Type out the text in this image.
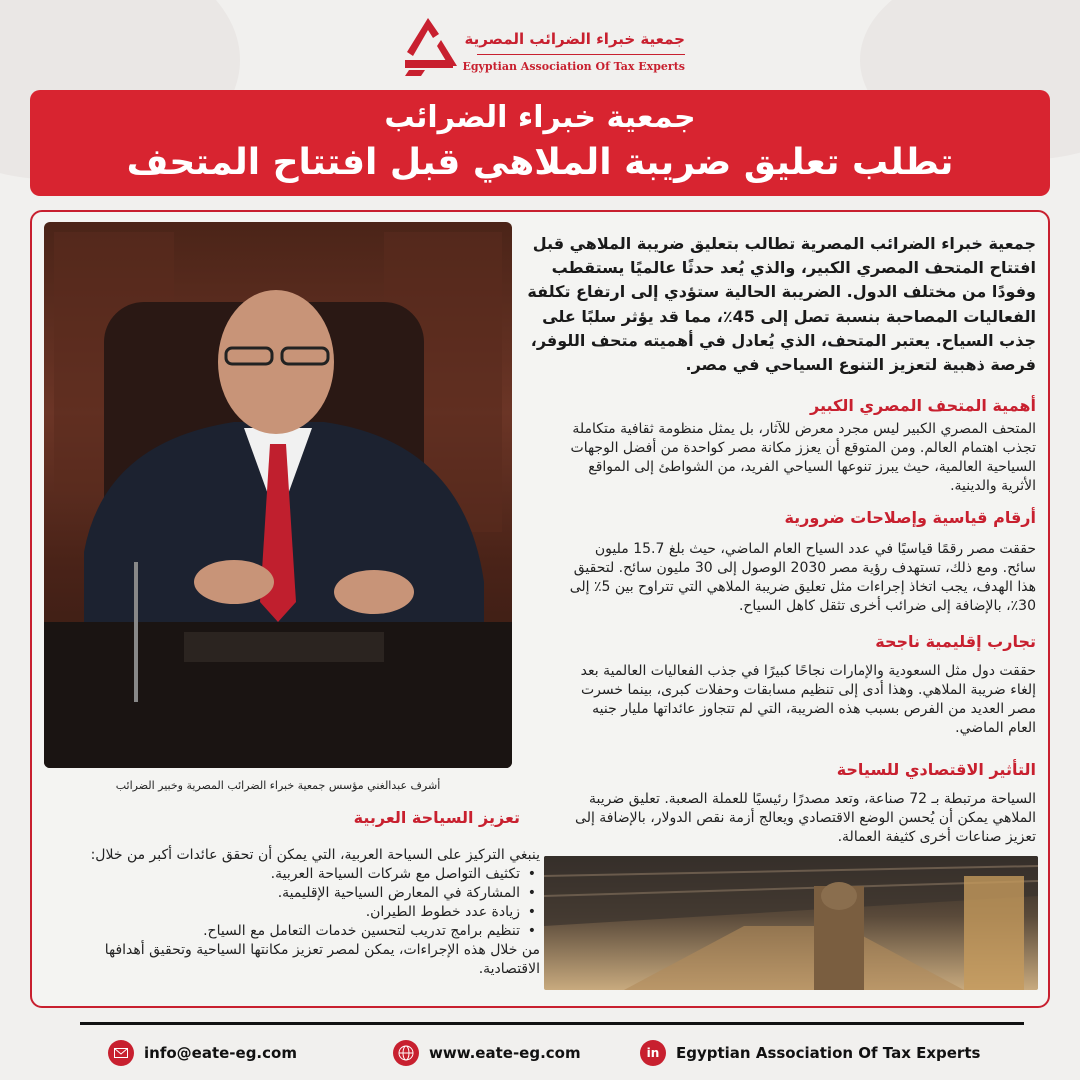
جمعية خبراء الضرائب المصرية
Egyptian Association Of Tax Experts
جمعية خبراء الضرائب
تطلب تعليق ضريبة الملاهي قبل افتتاح المتحف
أشرف عبدالغني مؤسس جمعية خبراء الضرائب المصرية وخبير الضرائب
جمعية خبراء الضرائب المصرية تطالب بتعليق ضريبة الملاهي قبل افتتاح المتحف المصري الكبير، والذي يُعد حدثًا عالميًا يستقطب وفودًا من مختلف الدول. الضريبة الحالية ستؤدي إلى ارتفاع تكلفة الفعاليات المصاحبة بنسبة تصل إلى 45٪، مما قد يؤثر سلبًا على جذب السياح. يعتبر المتحف، الذي يُعادل في أهميته متحف اللوفر، فرصة ذهبية لتعزيز التنوع السياحي في مصر.
أهمية المتحف المصري الكبير
المتحف المصري الكبير ليس مجرد معرض للآثار، بل يمثل منظومة ثقافية متكاملة تجذب اهتمام العالم. ومن المتوقع أن يعزز مكانة مصر كواحدة من أفضل الوجهات السياحية العالمية، حيث يبرز تنوعها السياحي الفريد، من الشواطئ إلى المواقع الأثرية والدينية.
أرقام قياسية وإصلاحات ضرورية
حققت مصر رقمًا قياسيًا في عدد السياح العام الماضي، حيث بلغ 15.7 مليون سائح. ومع ذلك، تستهدف رؤية مصر 2030 الوصول إلى 30 مليون سائح. لتحقيق هذا الهدف، يجب اتخاذ إجراءات مثل تعليق ضريبة الملاهي التي تتراوح بين 5٪ إلى 30٪، بالإضافة إلى ضرائب أخرى تثقل كاهل السياح.
تجارب إقليمية ناجحة
حققت دول مثل السعودية والإمارات نجاحًا كبيرًا في جذب الفعاليات العالمية بعد إلغاء ضريبة الملاهي. وهذا أدى إلى تنظيم مسابقات وحفلات كبرى، بينما خسرت مصر العديد من الفرص بسبب هذه الضريبة، التي لم تتجاوز عائداتها مليار جنيه العام الماضي.
التأثير الاقتصادي للسياحة
السياحة مرتبطة بـ 72 صناعة، وتعد مصدرًا رئيسيًا للعملة الصعبة. تعليق ضريبة الملاهي يمكن أن يُحسن الوضع الاقتصادي ويعالج أزمة نقص الدولار، بالإضافة إلى تعزيز صناعات أخرى كثيفة العمالة.
تعزيز السياحة العربية
ينبغي التركيز على السياحة العربية، التي يمكن أن تحقق عائدات أكبر من خلال:
• تكثيف التواصل مع شركات السياحة العربية.
• المشاركة في المعارض السياحية الإقليمية.
• زيادة عدد خطوط الطيران.
• تنظيم برامج تدريب لتحسين خدمات التعامل مع السياح.
من خلال هذه الإجراءات، يمكن لمصر تعزيز مكانتها السياحية وتحقيق أهدافها الاقتصادية.
info@eate-eg.com	www.eate-eg.com	in	Egyptian Association Of Tax Experts
